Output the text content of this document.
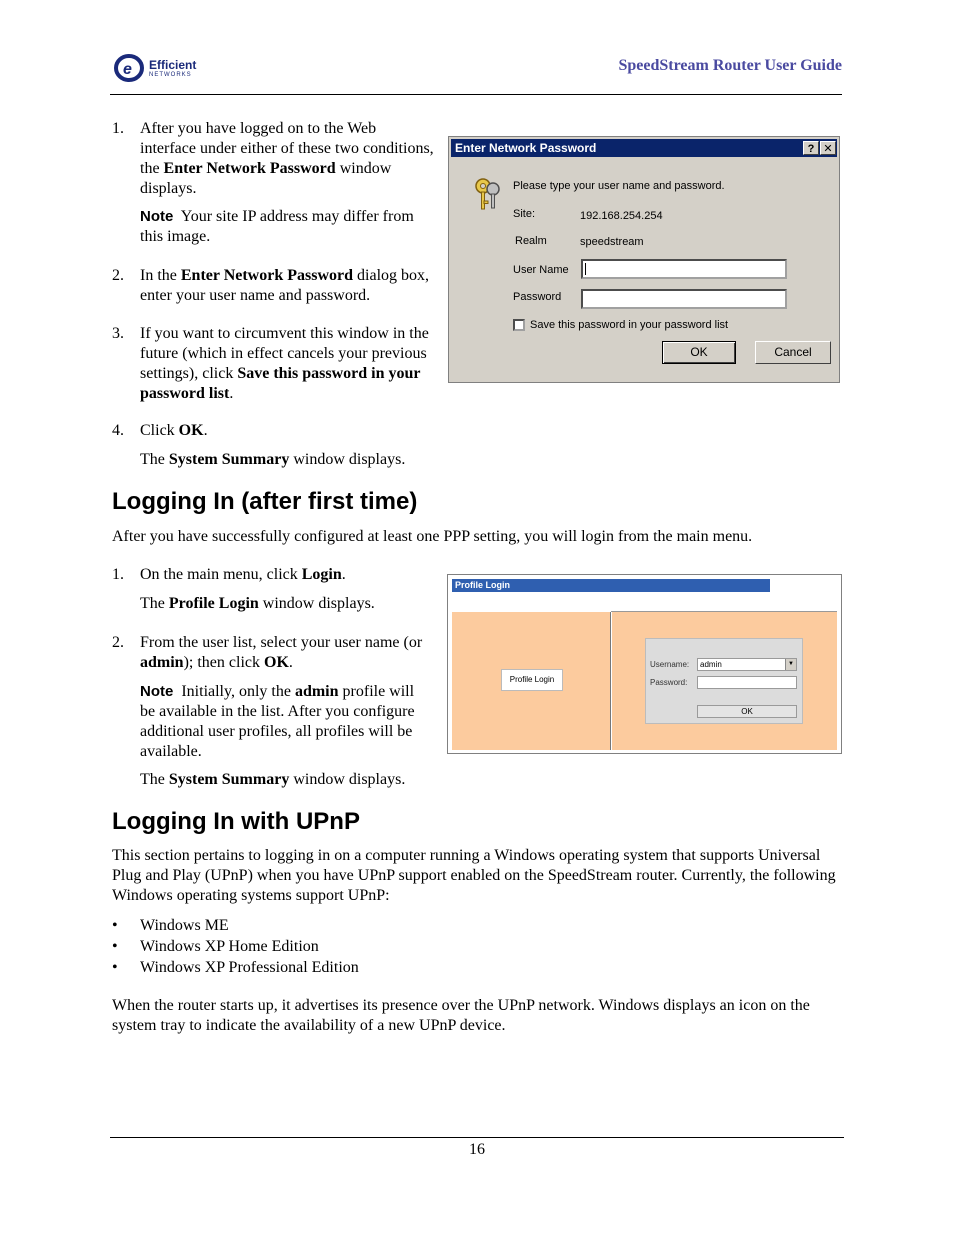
e Efficient
NETWORKS
SpeedStream Router User Guide
1.	After you have logged on to the Web interface under either of these two conditions, the Enter Network Password window displays.
Note Your site IP address may differ from this image.
2.	In the Enter Network Password dialog box, enter your user name and password.
3.	If you want to circumvent this window in the future (which in effect cancels your previous settings), click Save this password in your password list.
4.	Click OK.
The System Summary window displays.
Enter Network Password	? ✕
Please type your user name and password.
Site:	192.168.254.254
Realm	speedstream
User Name
Password
Save this password in your password list
OK	Cancel
Logging In (after first time)
After you have successfully configured at least one PPP setting, you will login from the main menu.
1.	On the main menu, click Login.
The Profile Login window displays.
2.	From the user list, select your user name (or admin); then click OK.
Note Initially, only the admin profile will be available in the list. After you configure additional user profiles, all profiles will be available.
The System Summary window displays.
Profile Login
Profile Login
Username:	admin	▼
Password:
OK
Logging In with UPnP
This section pertains to logging in on a computer running a Windows operating system that supports Universal Plug and Play (UPnP) when you have UPnP support enabled on the SpeedStream router. Currently, the following Windows operating systems support UPnP:
• Windows ME
• Windows XP Home Edition
• Windows XP Professional Edition
When the router starts up, it advertises its presence over the UPnP network. Windows displays an icon on the system tray to indicate the availability of a new UPnP device.
16
